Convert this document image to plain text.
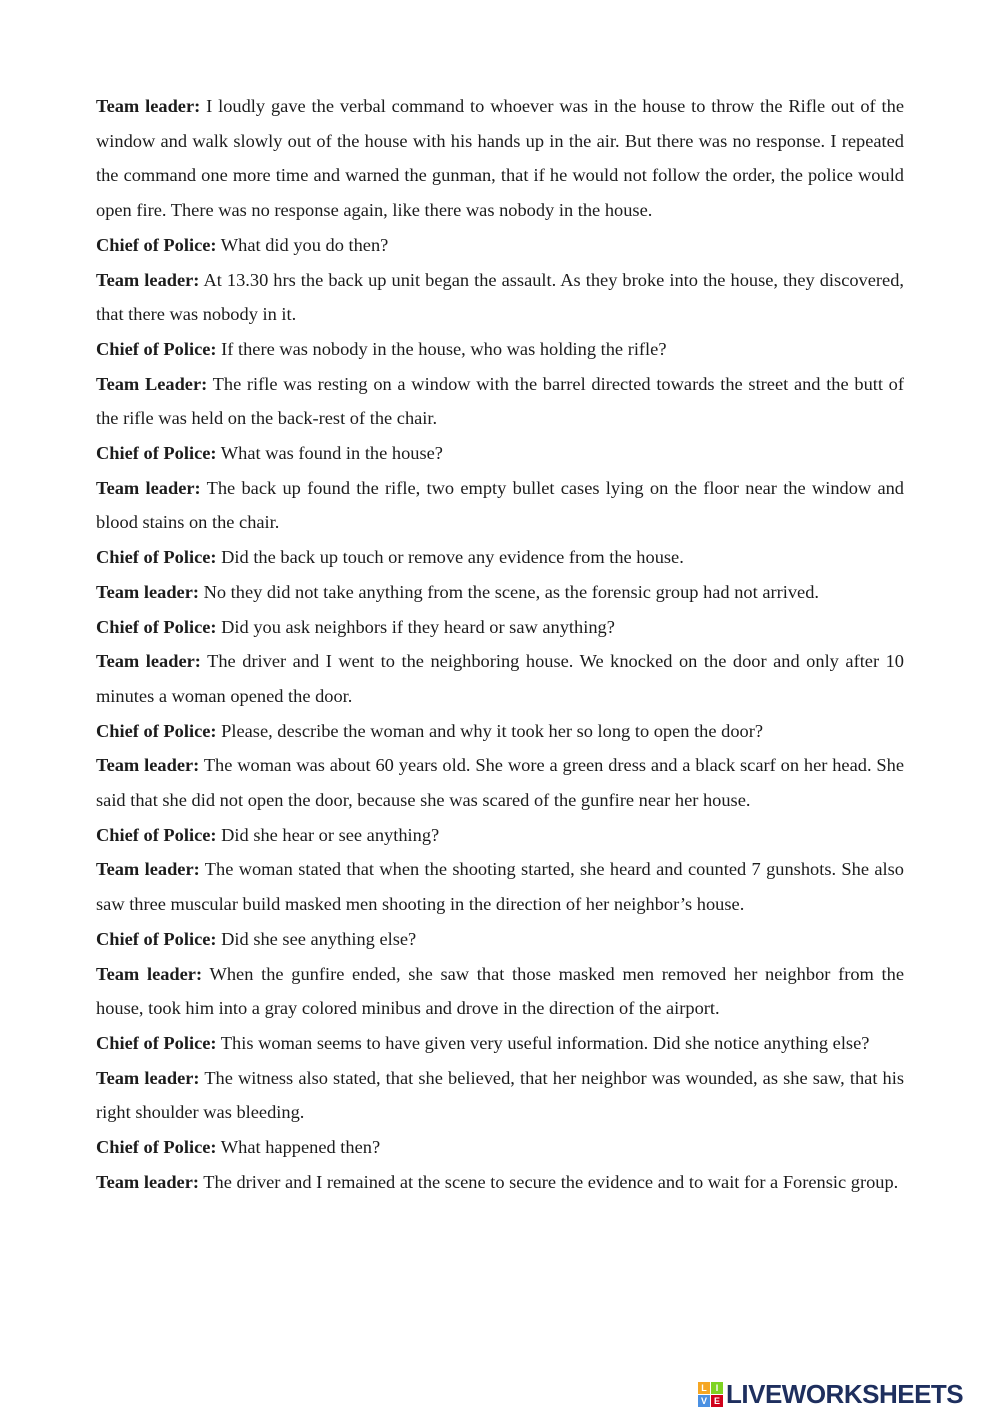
Team leader: I loudly gave the verbal command to whoever was in the house to throw the Rifle out of the window and walk slowly out of the house with his hands up in the air. But there was no response. I repeated the command one more time and warned the gunman, that if he would not follow the order, the police would open fire. There was no response again, like there was nobody in the house.

Chief of Police: What did you do then?

Team leader: At 13.30 hrs the back up unit began the assault. As they broke into the house, they discovered, that there was nobody in it.

Chief of Police: If there was nobody in the house, who was holding the rifle?

Team Leader: The rifle was resting on a window with the barrel directed towards the street and the butt of the rifle was held on the back-rest of the chair.

Chief of Police: What was found in the house?

Team leader: The back up found the rifle, two empty bullet cases lying on the floor near the window and blood stains on the chair.

Chief of Police: Did the back up touch or remove any evidence from the house.

Team leader: No they did not take anything from the scene, as the forensic group had not arrived.

Chief of Police: Did you ask neighbors if they heard or saw anything?

Team leader: The driver and I went to the neighboring house. We knocked on the door and only after 10 minutes a woman opened the door.

Chief of Police: Please, describe the woman and why it took her so long to open the door?

Team leader: The woman was about 60 years old. She wore a green dress and a black scarf on her head. She said that she did not open the door, because she was scared of the gunfire near her house.

Chief of Police: Did she hear or see anything?

Team leader: The woman stated that when the shooting started, she heard and counted 7 gunshots. She also saw three muscular build masked men shooting in the direction of her neighbor’s house.

Chief of Police: Did she see anything else?

Team leader: When the gunfire ended, she saw that those masked men removed her neighbor from the house, took him into a gray colored minibus and drove in the direction of the airport.

Chief of Police: This woman seems to have given very useful information. Did she notice anything else?

Team leader: The witness also stated, that she believed, that her neighbor was wounded, as she saw, that his right shoulder was bleeding.

Chief of Police: What happened then?

Team leader: The driver and I remained at the scene to secure the evidence and to wait for a Forensic group.

L I
V E LIVEWORKSHEETS
